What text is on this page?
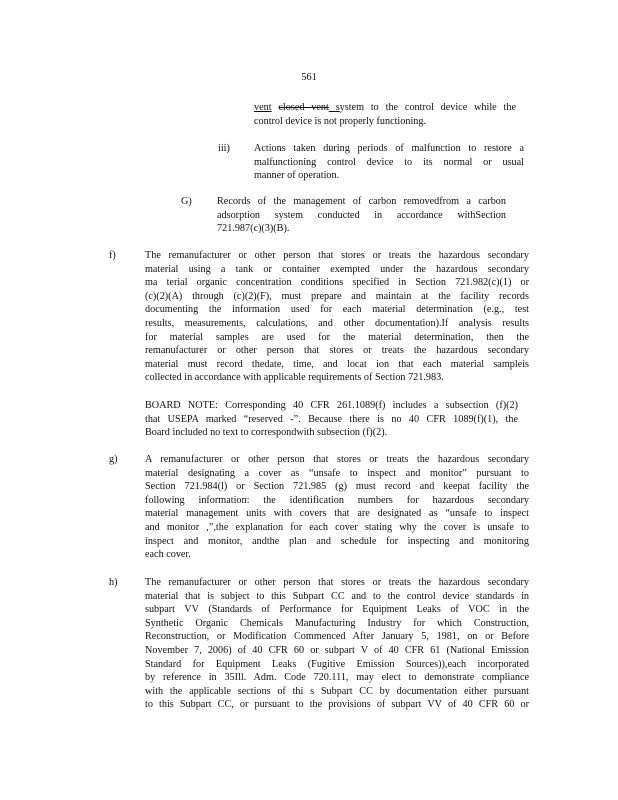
561
vent closed vent system to the control device while the
control device is not properly functioning.
iii) Actions taken during periods of malfunction to restore a
malfunctioning control device to its normal or usual
manner of operation.
G) Records of the management of carbon removedfrom a carbon
adsorption system conducted in accordance withSection
721.987(c)(3)(B).
f)	The remanufacturer or other person that stores or treats the hazardous secondary
material using a tank or container exempted under the hazardous secondary
ma terial organic concentration conditions specified in Section 721.982(c)(1) or
(c)(2)(A) through (c)(2)(F), must prepare and maintain at the facility records
documenting the information used for each material determination (e.g., test
results, measurements, calculations, and other documentation).If analysis results
for material samples are used for the material determination, then the
remanufacturer or other person that stores or treats the hazardous secondary
material must record thedate, time, and locat ion that each material sampleis
collected in accordance with applicable requirements of Section 721.983.
BOARD NOTE: Corresponding 40 CFR 261.1089(f) includes a subsection (f)(2)
that USEPA marked “reserved -”. Because there is no 40 CFR 1089(f)(1), the
Board included no text to correspondwith subsection (f)(2).
g)	A remanufacturer or other person that stores or treats the hazardous secondary
material designating a cover as “unsafe to inspect and monitor” pursuant to
Section 721.984(l) or Section 721.985 (g) must record and keepat facility the
following information: the identification numbers for hazardous secondary
material management units with covers that are designated as “unsafe to inspect
and monitor ,”,the explanation for each cover stating why the cover is unsafe to
inspect and monitor, andthe plan and schedule for inspecting and monitoring
each cover.
h)	The remanufacturer or other person that stores or treats the hazardous secondary
material that is subject to this Subpart CC and to the control device standards in
subpart VV (Standards of Performance for Equipment Leaks of VOC in the
Synthetic Organic Chemicals Manufacturing Industry for which Construction,
Reconstruction, or Modification Commenced After January 5, 1981, on or Before
November 7, 2006) of 40 CFR 60 or subpart V of 40 CFR 61 (National Emission
Standard for Equipment Leaks (Fugitive Emission Sources)),each incorporated
by reference in 35Ill. Adm. Code 720.111, may elect to demonstrate compliance
with the applicable sections of thi s Subpart CC by documentation either pursuant
to this Subpart CC, or pursuant to the provisions of subpart VV of 40 CFR 60 or
